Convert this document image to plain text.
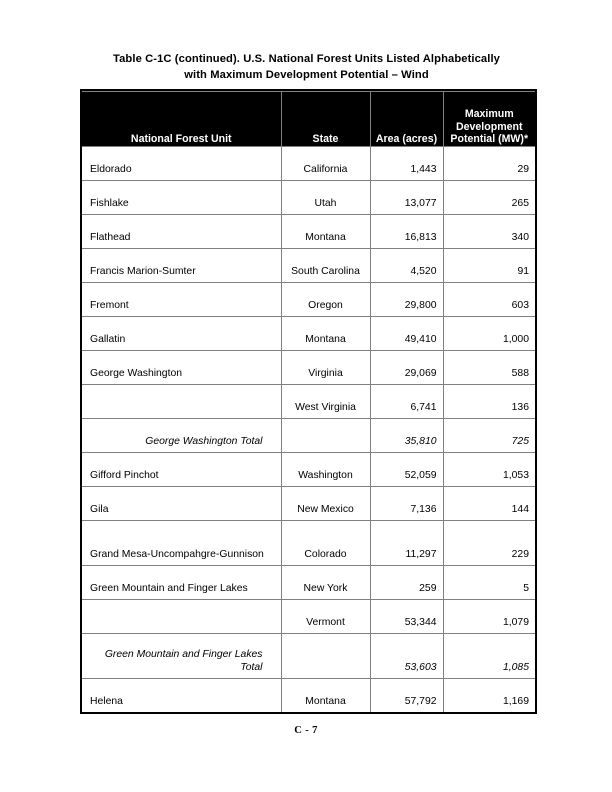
Table C-1C (continued). U.S. National Forest Units Listed Alphabetically
with Maximum Development Potential – Wind
National Forest Unit	State	Area (acres)	Maximum
Development
Potential (MW)*

Eldorado	California	1,443	29
Fishlake	Utah	13,077	265
Flathead	Montana	16,813	340
Francis Marion-Sumter	South Carolina	4,520	91
Fremont	Oregon	29,800	603
Gallatin	Montana	49,410	1,000
George Washington	Virginia	29,069	588
	West Virginia	6,741	136
George Washington Total		35,810	725
Gifford Pinchot	Washington	52,059	1,053
Gila	New Mexico	7,136	144
Grand Mesa-Uncompahgre-Gunnison	Colorado	11,297	229
Green Mountain and Finger Lakes	New York	259	5
	Vermont	53,344	1,079
Green Mountain and Finger Lakes Total		53,603	1,085
Helena	Montana	57,792	1,169
C - 7
